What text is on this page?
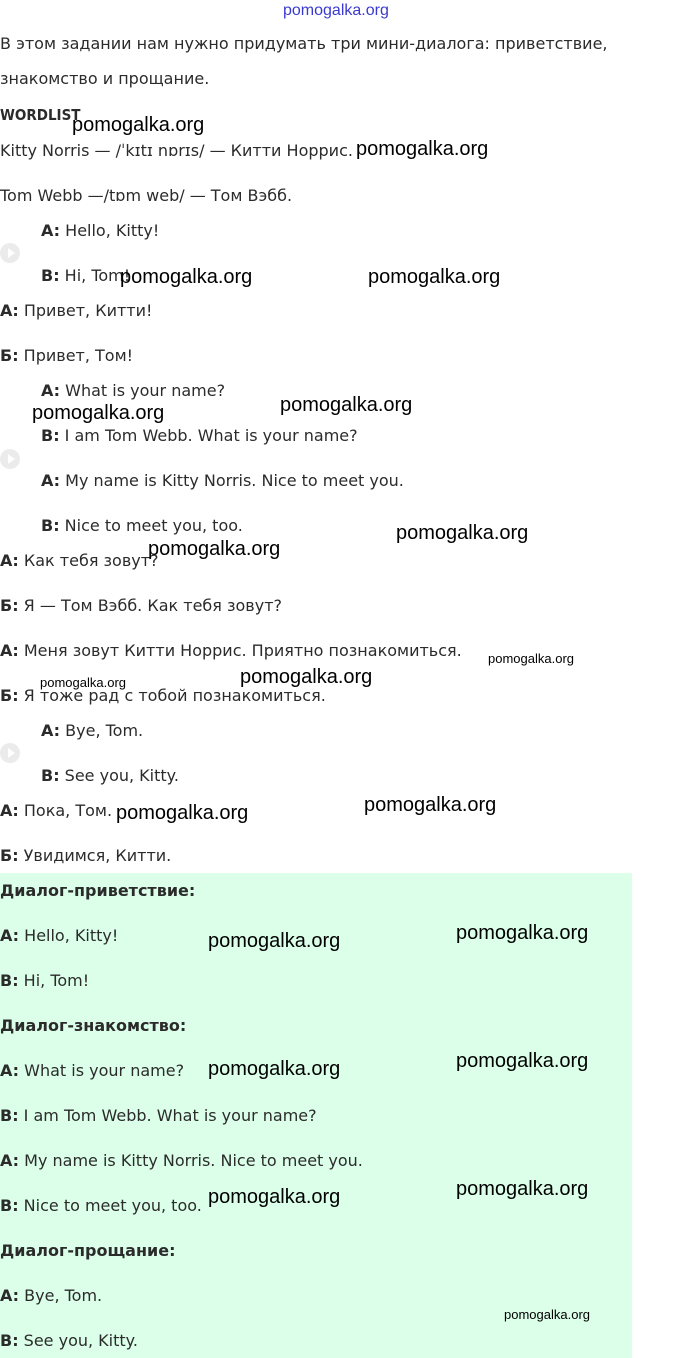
pomogalka.org
В этом задании нам нужно придумать три мини-диалога: приветствие,
знакомство и прощание.
WORDLIST
Kitty Norris — /ˈkɪtɪ nɒrɪs/ — Китти Норрис.
Tom Webb —/tɒm web/ — Том Вэбб.
A: Hello, Kitty!
B: Hi, Tom!
А: Привет, Китти!
Б: Привет, Том!
A: What is your name?
B: I am Tom Webb. What is your name?
A: My name is Kitty Norris. Nice to meet you.
B: Nice to meet you, too.
А: Как тебя зовут?
Б: Я — Том Вэбб. Как тебя зовут?
А: Меня зовут Китти Норрис. Приятно познакомиться.
Б: Я тоже рад с тобой познакомиться.
A: Bye, Tom.
B: See you, Kitty.
А: Пока, Том.
Б: Увидимся, Китти.
Диалог-приветствие:
A: Hello, Kitty!
B: Hi, Tom!
Диалог-знакомство:
A: What is your name?
B: I am Tom Webb. What is your name?
A: My name is Kitty Norris. Nice to meet you.
B: Nice to meet you, too.
Диалог-прощание:
A: Bye, Tom.
B: See you, Kitty.
pomogalka.org
pomogalka.org
pomogalka.org	pomogalka.org
pomogalka.org	pomogalka.org
pomogalka.org
pomogalka.org
pomogalka.org
pomogalka.org	pomogalka.org
pomogalka.org	pomogalka.org
pomogalka.org	pomogalka.org
pomogalka.org	pomogalka.org
pomogalka.org	pomogalka.org
pomogalka.org
